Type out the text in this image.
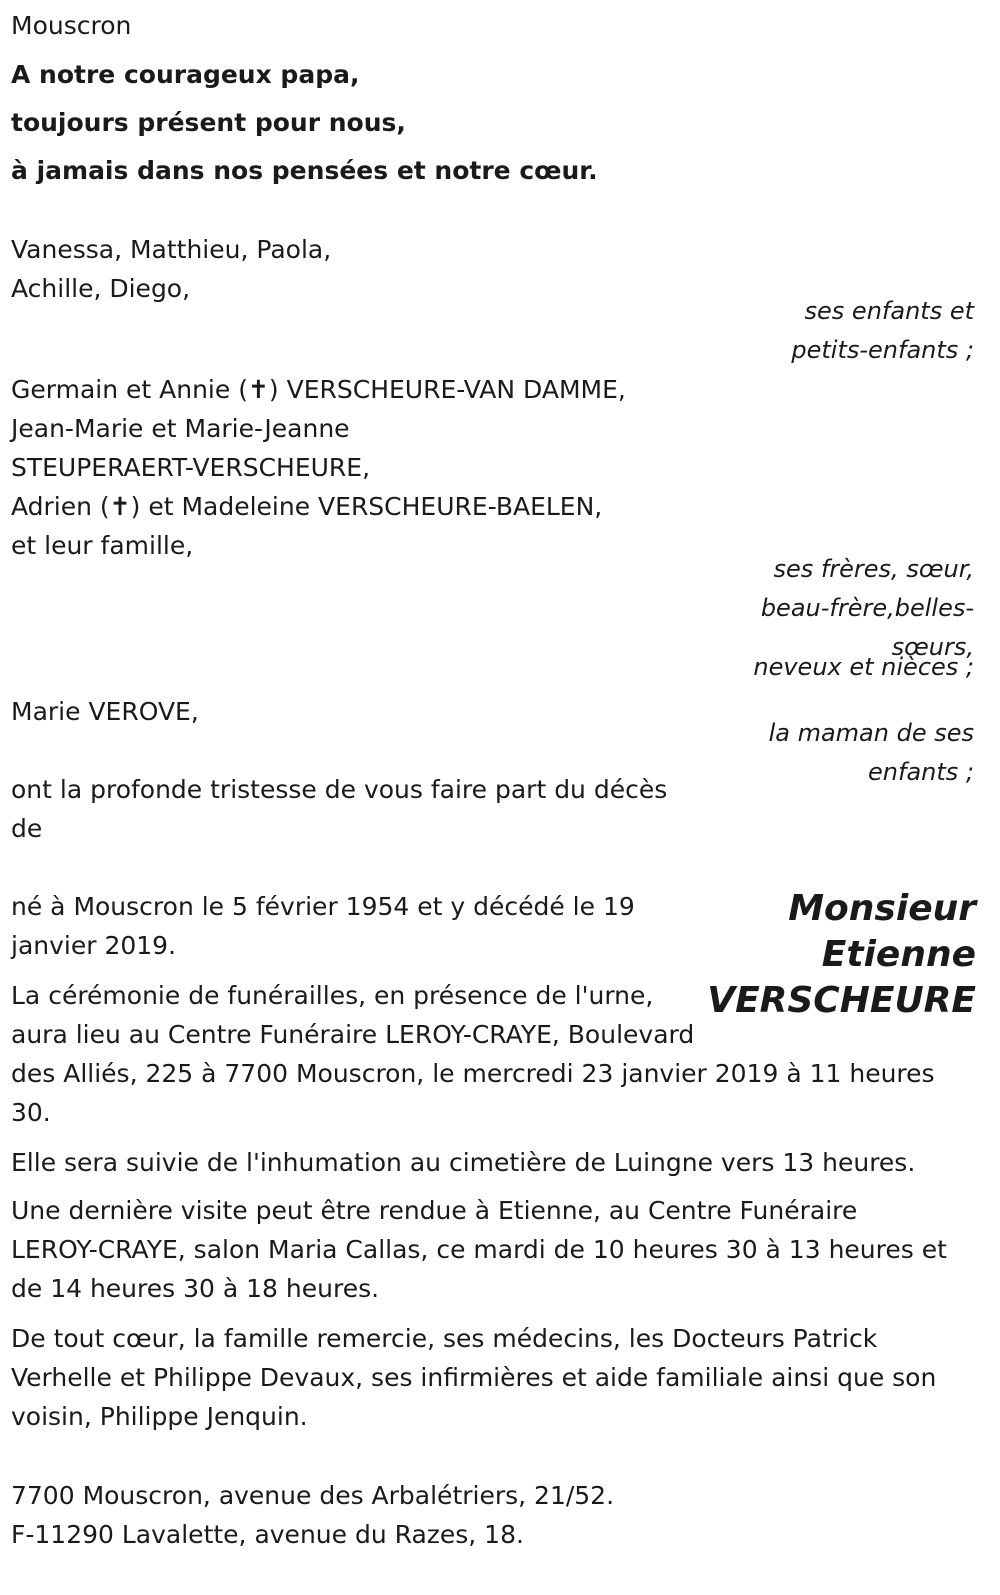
Mouscron
A notre courageux papa,
toujours présent pour nous,
à jamais dans nos pensées et notre cœur.
Vanessa, Matthieu, Paola,
Achille, Diego,
ses enfants et
petits-enfants ;
Germain et Annie (✝) VERSCHEURE-VAN DAMME,
Jean-Marie et Marie-Jeanne
STEUPERAERT-VERSCHEURE,
Adrien (✝) et Madeleine VERSCHEURE-BAELEN,
et leur famille,
ses frères, sœur,
beau-frère,belles-
sœurs,
neveux et nièces ;
Marie VEROVE,
la maman de ses
enfants ;
ont la profonde tristesse de vous faire part du décès
de
Monsieur
Etienne
VERSCHEURE
né à Mouscron le 5 février 1954 et y décédé le 19
janvier 2019.
La cérémonie de funérailles, en présence de l'urne,
aura lieu au Centre Funéraire LEROY-CRAYE, Boulevard
des Alliés, 225 à 7700 Mouscron, le mercredi 23 janvier 2019 à 11 heures
30.
Elle sera suivie de l'inhumation au cimetière de Luingne vers 13 heures.
Une dernière visite peut être rendue à Etienne, au Centre Funéraire
LEROY-CRAYE, salon Maria Callas, ce mardi de 10 heures 30 à 13 heures et
de 14 heures 30 à 18 heures.
De tout cœur, la famille remercie, ses médecins, les Docteurs Patrick
Verhelle et Philippe Devaux, ses infirmières et aide familiale ainsi que son
voisin, Philippe Jenquin.
7700 Mouscron, avenue des Arbalétriers, 21/52.
F-11290 Lavalette, avenue du Razes, 18.
